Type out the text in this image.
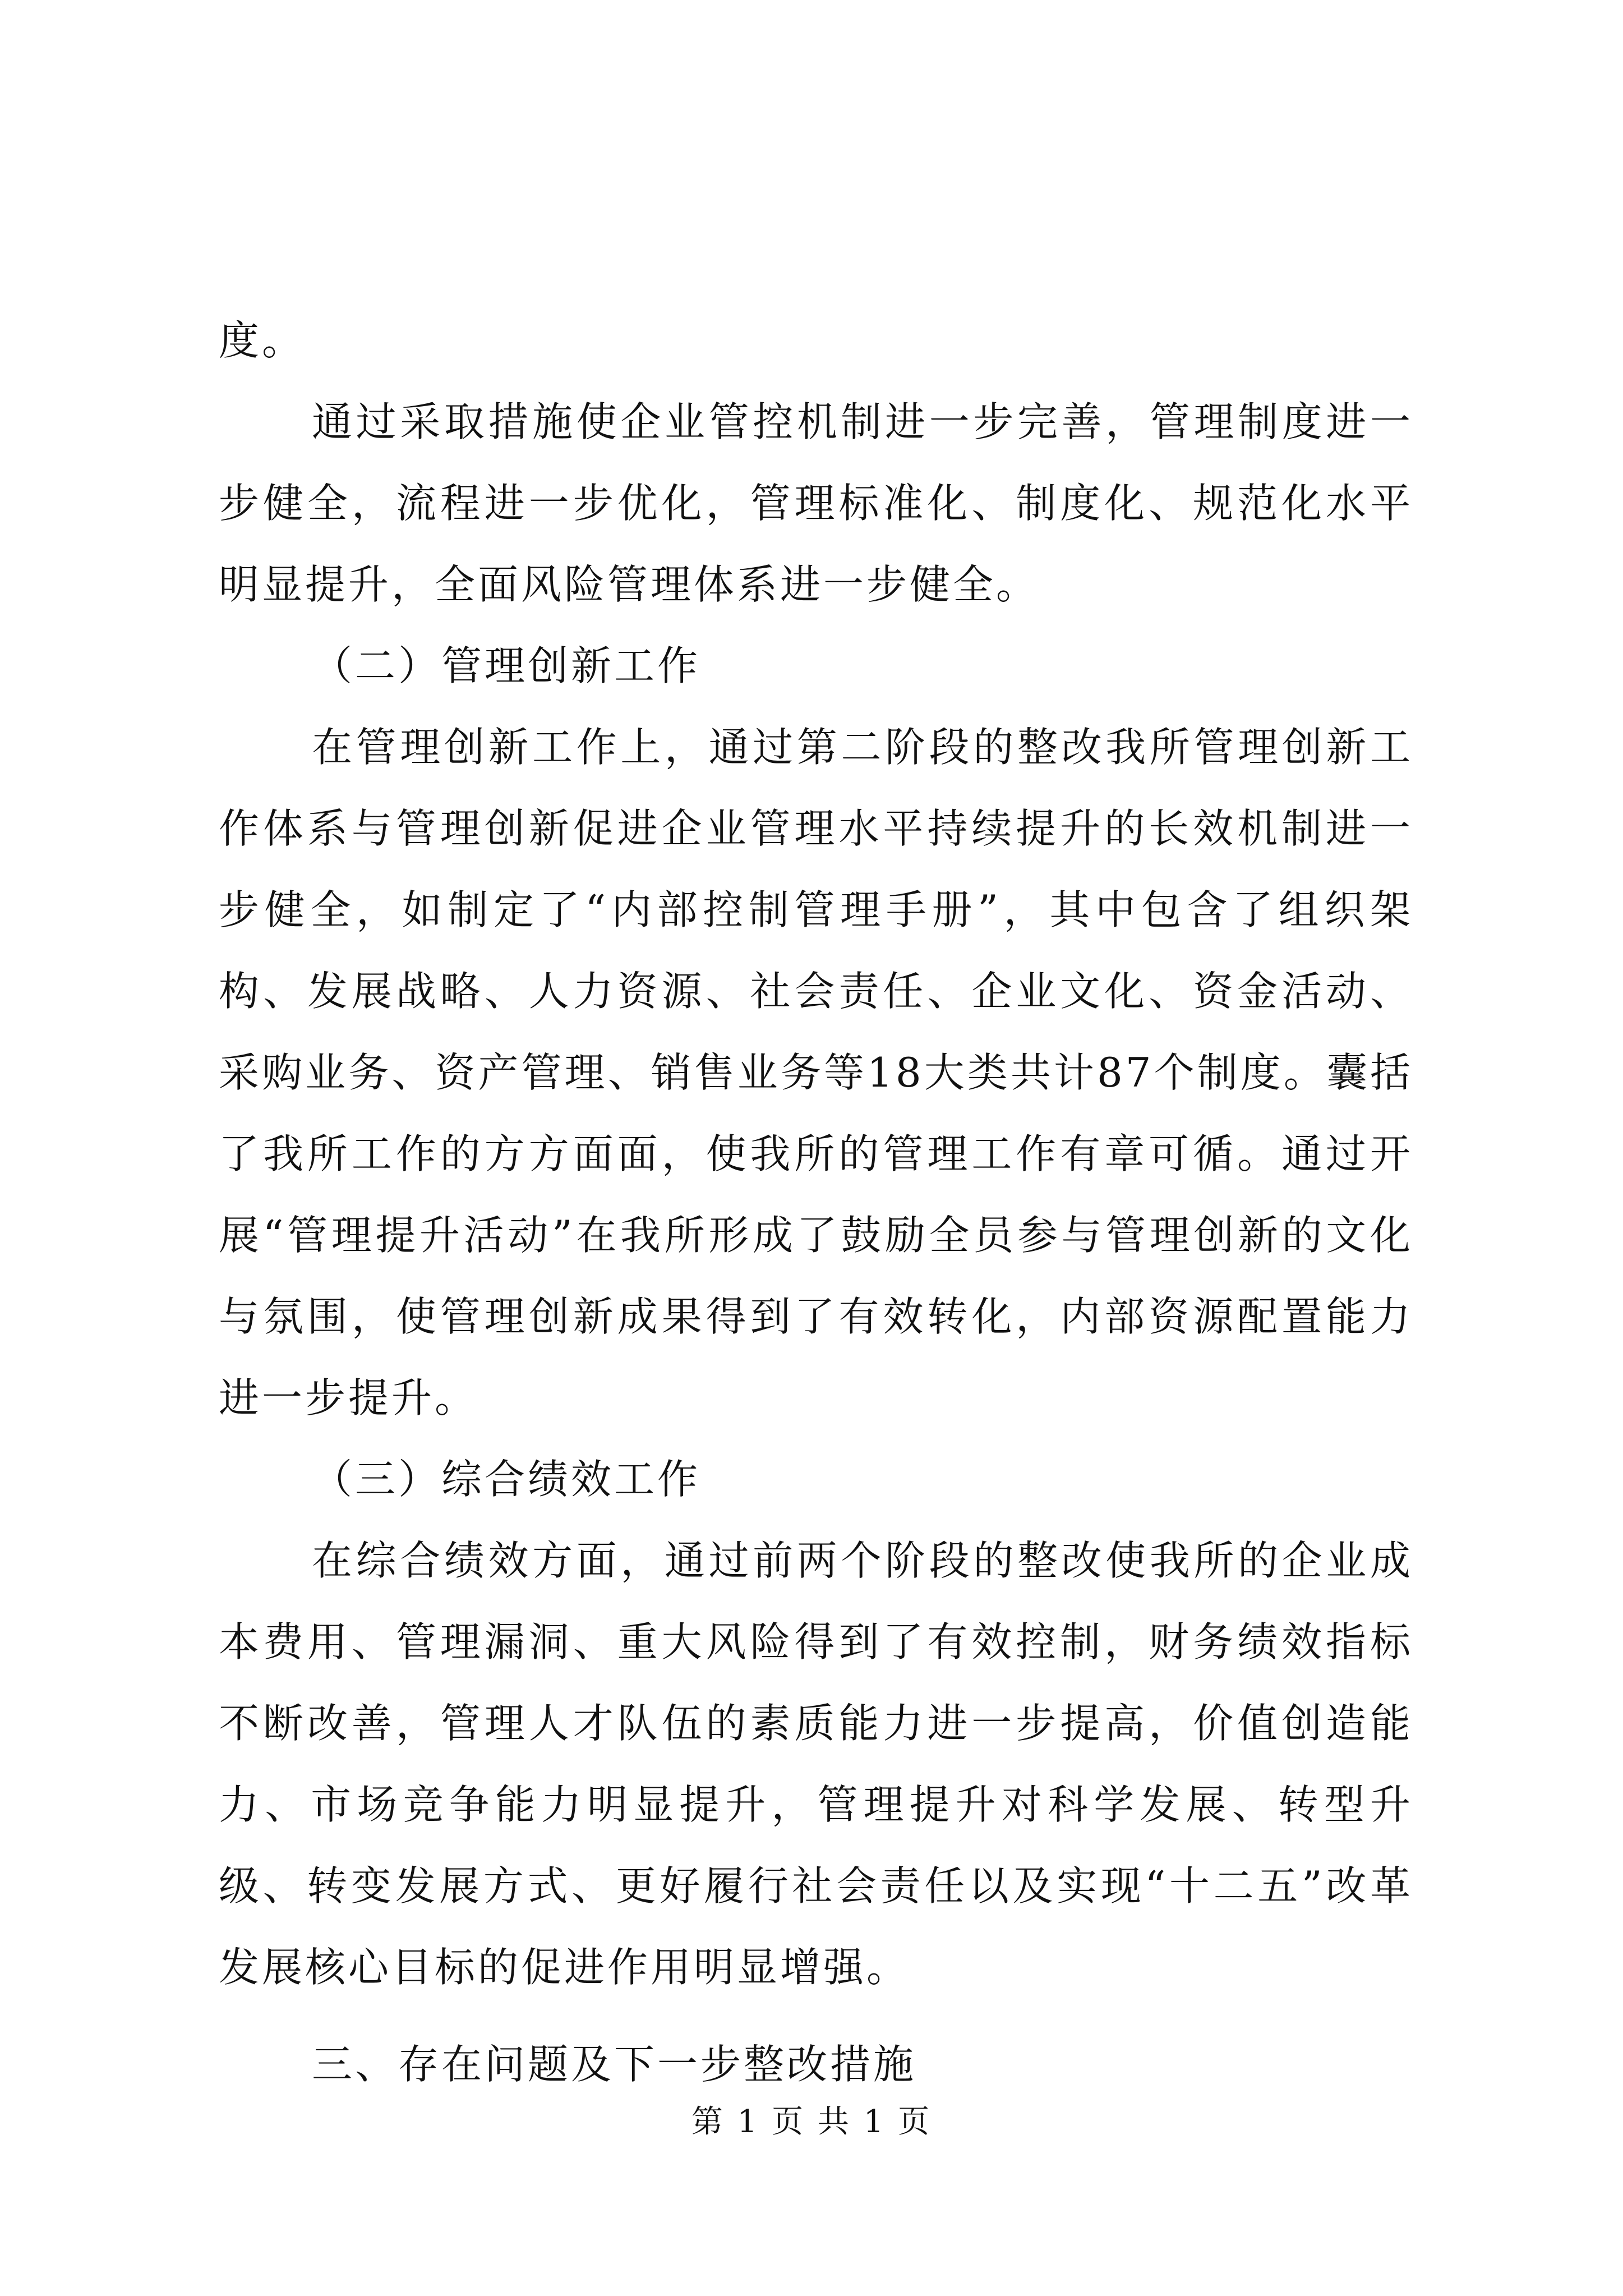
度。

通过采取措施使企业管控机制进一步完善，管理制度进一步健全，流程进一步优化，管理标准化、制度化、规范化水平明显提升，全面风险管理体系进一步健全。

（二）管理创新工作

在管理创新工作上，通过第二阶段的整改我所管理创新工作体系与管理创新促进企业管理水平持续提升的长效机制进一步健全，如制定了“内部控制管理手册”，其中包含了组织架构、发展战略、人力资源、社会责任、企业文化、资金活动、采购业务、资产管理、销售业务等18大类共计87个制度。囊括了我所工作的方方面面，使我所的管理工作有章可循。通过开展“管理提升活动”在我所形成了鼓励全员参与管理创新的文化与氛围，使管理创新成果得到了有效转化，内部资源配置能力进一步提升。

（三）综合绩效工作

在综合绩效方面，通过前两个阶段的整改使我所的企业成本费用、管理漏洞、重大风险得到了有效控制，财务绩效指标不断改善，管理人才队伍的素质能力进一步提高，价值创造能力、市场竞争能力明显提升，管理提升对科学发展、转型升级、转变发展方式、更好履行社会责任以及实现“十二五”改革发展核心目标的促进作用明显增强。

三、存在问题及下一步整改措施

第 1 页 共 1 页
